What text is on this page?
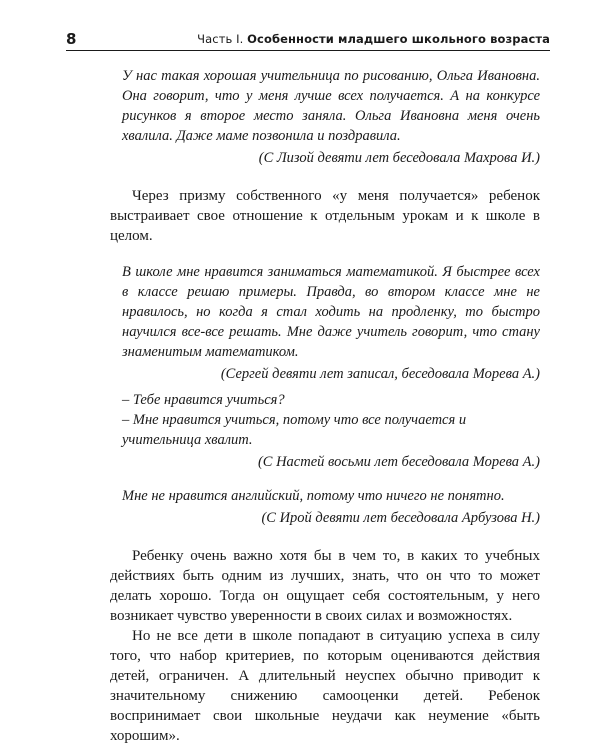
8	Часть I. Особенности младшего школьного возраста

У нас такая хорошая учительница по рисованию, Ольга Ивановна. Она говорит, что у меня лучше всех получается. А на конкурсе рисунков я второе место заняла. Ольга Ивановна меня очень хвалила. Даже маме позвонила и поздравила.

(С Лизой девяти лет беседовала Махрова И.)

Через призму собственного «у меня получается» ребенок выстраивает свое отношение к отдельным урокам и к школе в целом.

В школе мне нравится заниматься математикой. Я быстрее всех в классе решаю примеры. Правда, во втором классе мне не нравилось, но когда я стал ходить на продленку, то быстро научился все-все решать. Мне даже учитель говорит, что стану знаменитым математиком.

(Сергей девяти лет записал, беседовала Морева А.)

– Тебе нравится учиться?
– Мне нравится учиться, потому что все получается и учительница хвалит.

(С Настей восьми лет беседовала Морева А.)

Мне не нравится английский, потому что ничего не понятно.

(С Ирой девяти лет беседовала Арбузова Н.)

Ребенку очень важно хотя бы в чем то, в каких то учебных действиях быть одним из лучших, знать, что он что то может делать хорошо. Тогда он ощущает себя состоятельным, у него возникает чувство уверенности в своих силах и возможностях.

Но не все дети в школе попадают в ситуацию успеха в силу того, что набор критериев, по которым оцениваются действия детей, ограничен. А длительный неуспех обычно приводит к значительному снижению самооценки детей. Ребенок воспринимает свои школьные неудачи как неумение «быть хорошим».
